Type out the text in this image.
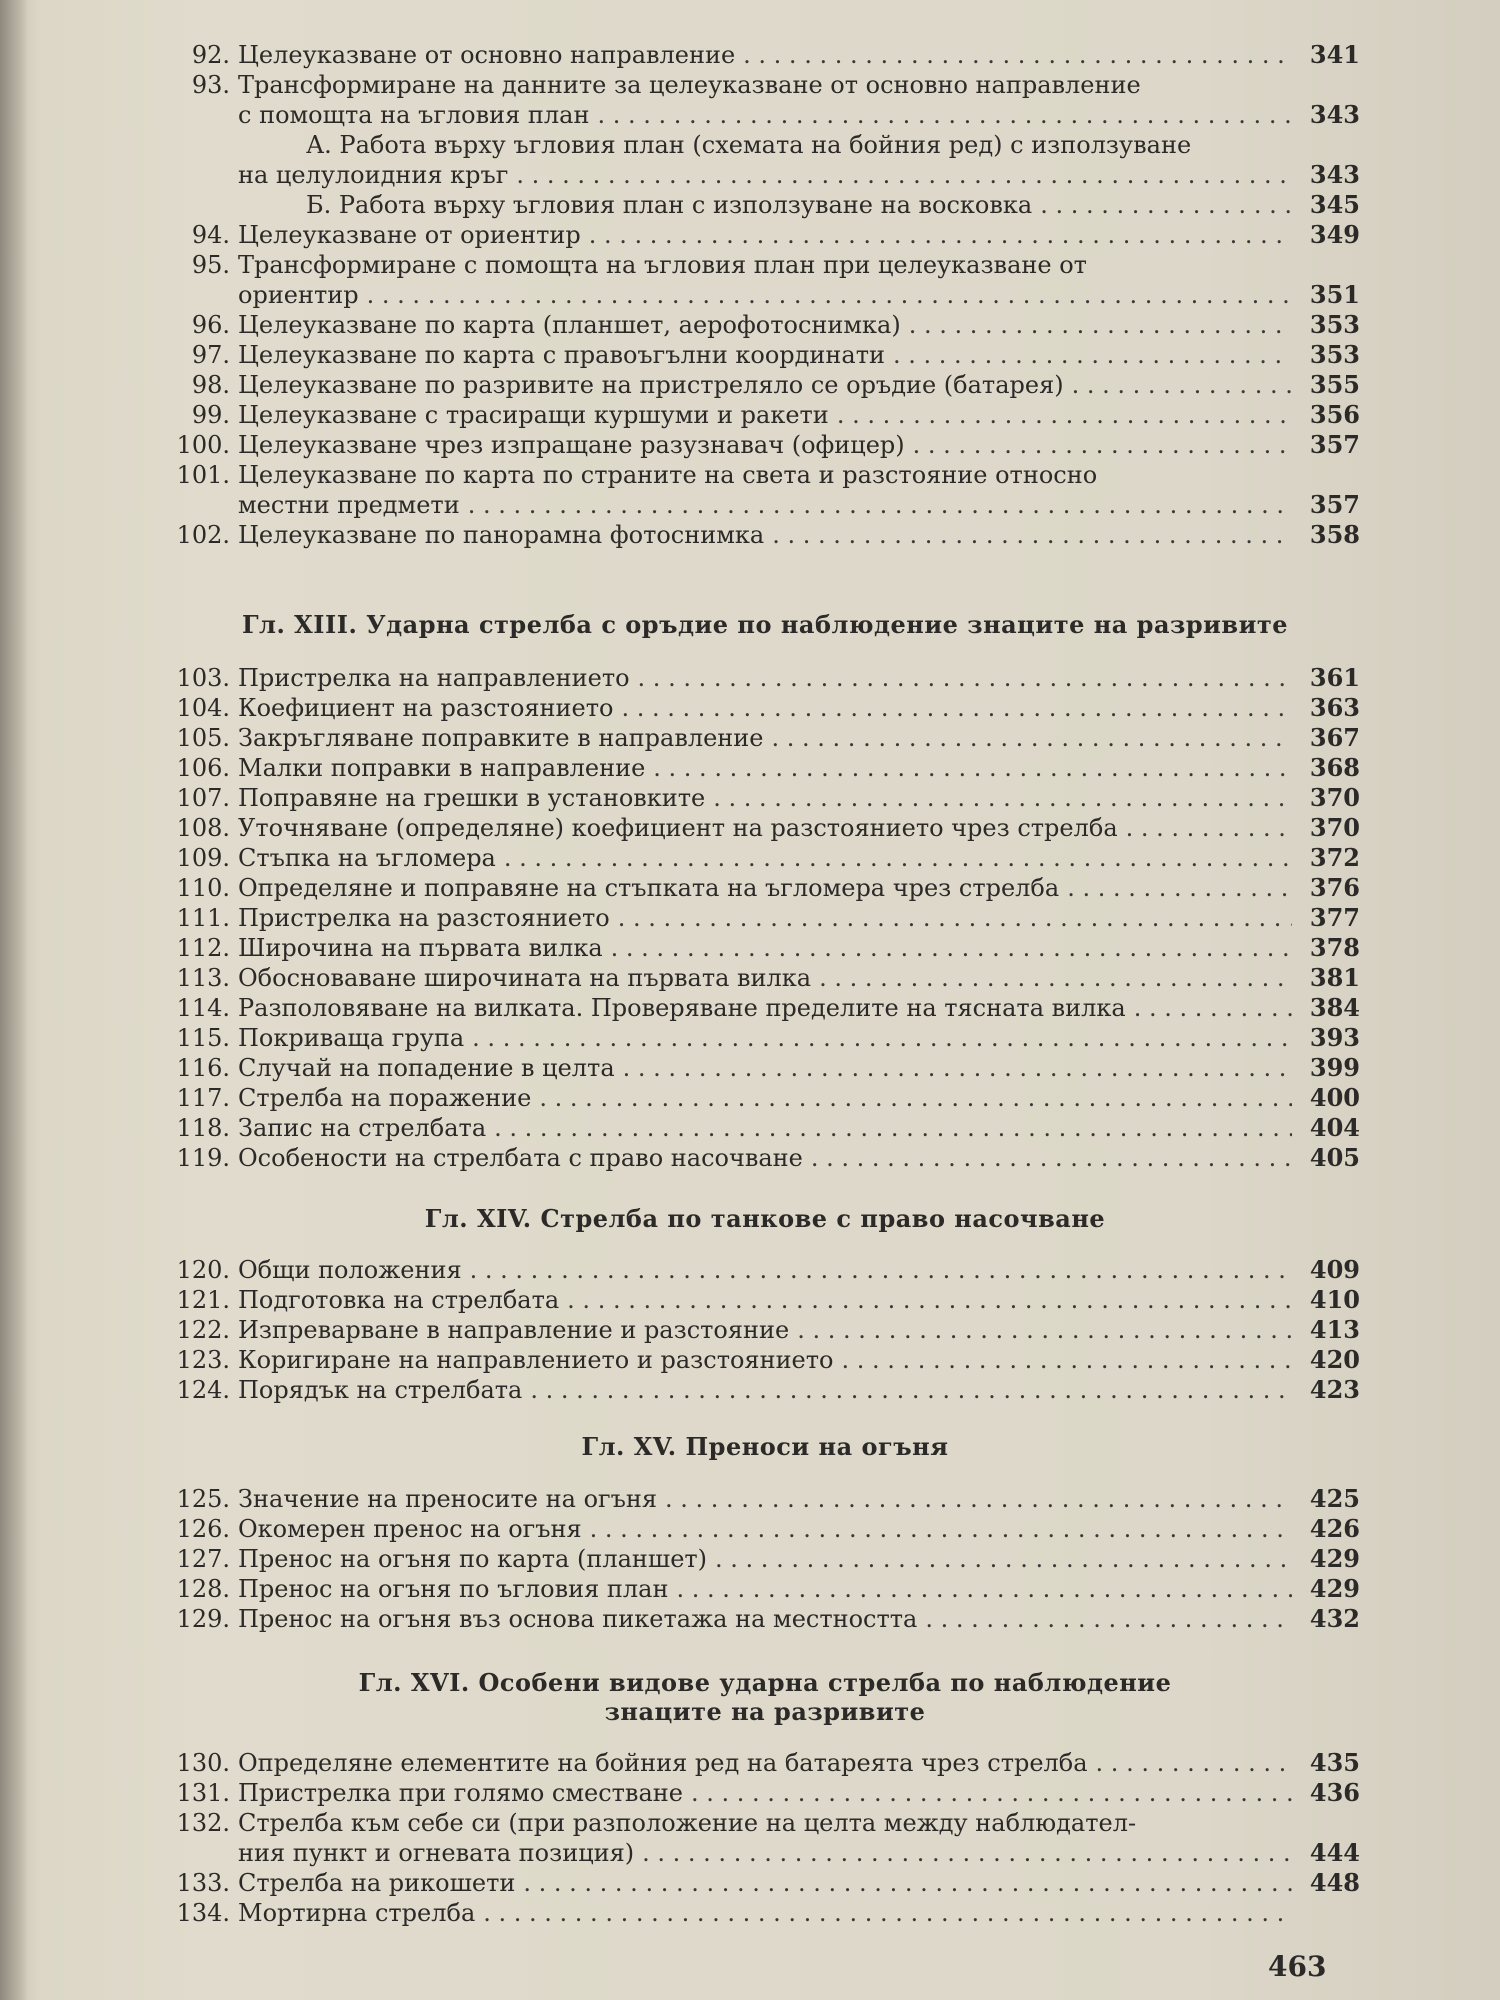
Гл. XIII. Ударна стрелба с оръдие по наблюдение знаците на разривите
Гл. XIV. Стрелба по танкове с право насочване
Гл. XV. Преноси на огъня
Гл. XVI. Особени видове ударна стрелба по наблюдение
знаците на разривите
92. Целеуказване от основно направление . . .	341
93. Трансформиране на данните за целеуказване от основно направление
с помощта на ъгловия план . . .	343
А. Работа върху ъгловия план (схемата на бойния ред) с използуване
на целулоидния кръг . . .	343
Б. Работа върху ъгловия план с използуване на восковка . . .	345
94. Целеуказване от ориентир . . .	349
95. Трансформиране с помощта на ъгловия план при целеуказване от
ориентир . . .	351
96. Целеуказване по карта (планшет, аерофотоснимка) . . .	353
97. Целеуказване по карта с правоъгълни координати . . .	353
98. Целеуказване по разривите на пристреляло се оръдие (батарея) . . .	355
99. Целеуказване с трасиращи куршуми и ракети . . .	356
100. Целеуказване чрез изпращане разузнавач (офицер) . . .	357
101. Целеуказване по карта по страните на света и разстояние относно
местни предмети . . .	357
102. Целеуказване по панорамна фотоснимка . . .	358
103. Пристрелка на направлението . . .	361
104. Коефициент на разстоянието . . .	363
105. Закръгляване поправките в направление . . .	367
106. Малки поправки в направление . . .	368
107. Поправяне на грешки в установките . . .	370
108. Уточняване (определяне) коефициент на разстоянието чрез стрелба . . .	370
109. Стъпка на ъгломера . . .	372
110. Определяне и поправяне на стъпката на ъгломера чрез стрелба . . .	376
111. Пристрелка на разстоянието . . .	377
112. Широчина на първата вилка . . .	378
113. Обосноваване широчината на първата вилка . . .	381
114. Разполовяване на вилката. Проверяване пределите на тясната вилка . . .	384
115. Покриваща група . . .	393
116. Случай на попадение в целта . . .	399
117. Стрелба на поражение . . .	400
118. Запис на стрелбата . . .	404
119. Особености на стрелбата с право насочване . . .	405
120. Общи положения . . .	409
121. Подготовка на стрелбата . . .	410
122. Изпреварване в направление и разстояние . . .	413
123. Коригиране на направлението и разстоянието . . .	420
124. Порядък на стрелбата . . .	423
125. Значение на преносите на огъня . . .	425
126. Окомерен пренос на огъня . . .	426
127. Пренос на огъня по карта (планшет) . . .	429
128. Пренос на огъня по ъгловия план . . .	429
129. Пренос на огъня въз основа пикетажа на местността . . .	432
130. Определяне елементите на бойния ред на батареята чрез стрелба . . .	435
131. Пристрелка при голямо сместване . . .	436
132. Стрелба към себе си (при разположение на целта между наблюдател-
ния пункт и огневата позиция) . . .	444
133. Стрелба на рикошети . . .	448
134. Мортирна стрелба
. . .
463
